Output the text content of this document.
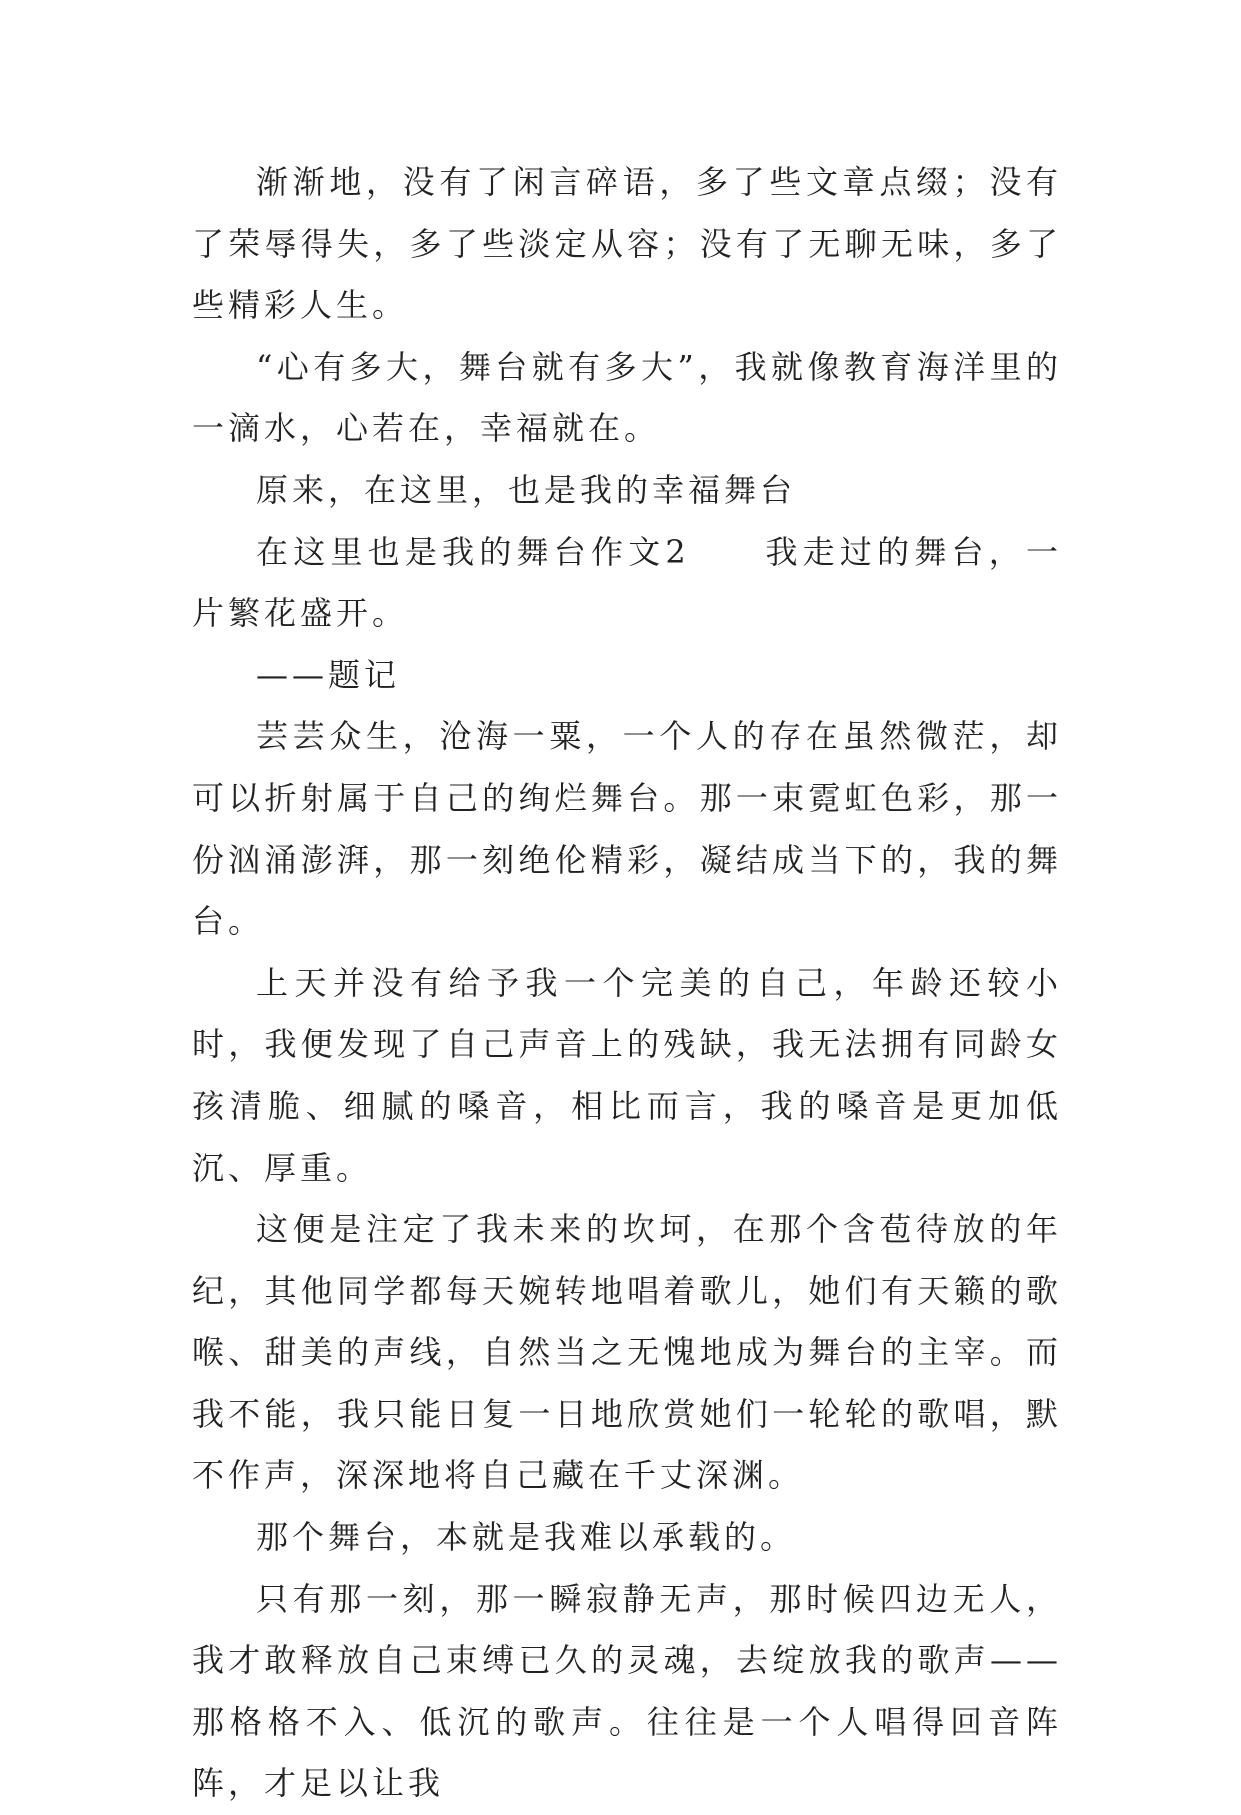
渐渐地，没有了闲言碎语，多了些文章点缀；没有了荣辱得失，多了些淡定从容；没有了无聊无味，多了些精彩人生。

“心有多大，舞台就有多大”，我就像教育海洋里的一滴水，心若在，幸福就在。

原来，在这里，也是我的幸福舞台

在这里也是我的舞台作文2　　我走过的舞台，一片繁花盛开。

——题记

芸芸众生，沧海一粟，一个人的存在虽然微茫，却可以折射属于自己的绚烂舞台。那一束霓虹色彩，那一份汹涌澎湃，那一刻绝伦精彩，凝结成当下的，我的舞台。

上天并没有给予我一个完美的自己，年龄还较小时，我便发现了自己声音上的残缺，我无法拥有同龄女孩清脆、细腻的嗓音，相比而言，我的嗓音是更加低沉、厚重。

这便是注定了我未来的坎坷，在那个含苞待放的年纪，其他同学都每天婉转地唱着歌儿，她们有天籁的歌喉、甜美的声线，自然当之无愧地成为舞台的主宰。而我不能，我只能日复一日地欣赏她们一轮轮的歌唱，默不作声，深深地将自己藏在千丈深渊。

那个舞台，本就是我难以承载的。

只有那一刻，那一瞬寂静无声，那时候四边无人，我才敢释放自己束缚已久的灵魂，去绽放我的歌声——那格格不入、低沉的歌声。往往是一个人唱得回音阵阵，才足以让我
